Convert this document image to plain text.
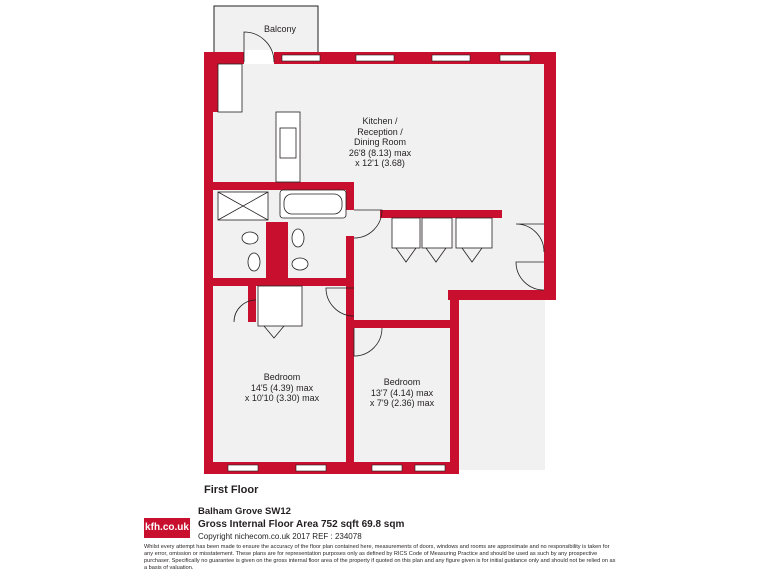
Balcony
Kitchen /
Reception /
Dining Room
26'8 (8.13) max
x 12'1 (3.68)
Bedroom
14'5 (4.39) max
x 10'10 (3.30) max
Bedroom
13'7 (4.14) max
x 7'9 (2.36) max
First Floor
kfh.co.uk
Balham Grove SW12
Gross Internal Floor Area 752 sqft 69.8 sqm
Copyright nichecom.co.uk 2017 REF : 234078
Whilst every attempt has been made to ensure the accuracy of the floor plan contained here, measurements of doors, windows and rooms are approximate and no responsibility is taken for any error, omission or misstatement. These plans are for representation purposes only as defined by RICS Code of Measuring Practice and should be used as such by any prospective purchaser. Specifically no guarantee is given on the gross internal floor area of the property if quoted on this plan and any figure given is for initial guidance only and should not be relied on as a basis of valuation.
